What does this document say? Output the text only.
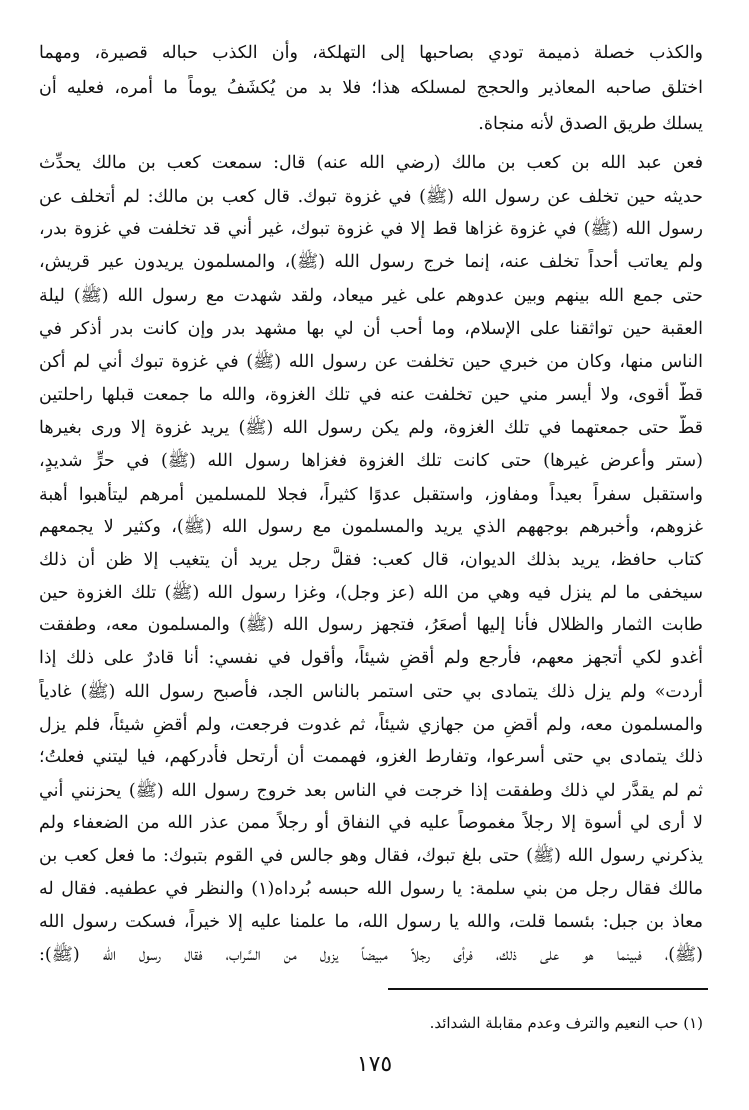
والكذب خصلة ذميمة تودي بصاحبها إلى التهلكة، وأن الكذب حباله قصيرة، ومهما
اختلق صاحبه المعاذير والحجج لمسلكه هذا؛ فلا بد من يُكشَفُ يوماً ما أمره، فعليه أن
يسلك طريق الصدق لأنه منجاة.
فعن عبد الله بن كعب بن مالك (رضي الله عنه) قال: سمعت كعب بن مالك يحدِّث
حديثه حين تخلف عن رسول الله (ﷺ) في غزوة تبوك. قال كعب بن مالك: لم أتخلف عن
رسول الله (ﷺ) في غزوة غزاها قط إلا في غزوة تبوك، غير أني قد تخلفت في غزوة بدر،
ولم يعاتب أحداً تخلف عنه، إنما خرج رسول الله (ﷺ)، والمسلمون يريدون عير قريش،
حتى جمع الله بينهم وبين عدوهم على غير ميعاد، ولقد شهدت مع رسول الله (ﷺ) ليلة
العقبة حين تواثقنا على الإسلام، وما أحب أن لي بها مشهد بدر وإن كانت بدر أذكر في
الناس منها، وكان من خبري حين تخلفت عن رسول الله (ﷺ) في غزوة تبوك أني لم أكن
قطُّ أقوى، ولا أيسر مني حين تخلفت عنه في تلك الغزوة، والله ما جمعت قبلها راحلتين
قطُّ حتى جمعتهما في تلك الغزوة، ولم يكن رسول الله (ﷺ) يريد غزوة إلا ورى بغيرها
(ستر وأعرض غيرها) حتى كانت تلك الغزوة فغزاها رسول الله (ﷺ) في حرٍّ شديدٍ،
واستقبل سفراً بعيداً ومفاوز، واستقبل عدوًا كثيراً، فجلا للمسلمين أمرهم ليتأهبوا أهبة
غزوهم، وأخبرهم بوجههم الذي يريد والمسلمون مع رسول الله (ﷺ)، وكثير لا يجمعهم
كتاب حافظ، يريد بذلك الديوان، قال كعب: فقلَّ رجل يريد أن يتغيب إلا ظن أن ذلك
سيخفى ما لم ينزل فيه وهي من الله (عز وجل)، وغزا رسول الله (ﷺ) تلك الغزوة حين
طابت الثمار والظلال فأنا إليها أصعَرُ، فتجهز رسول الله (ﷺ) والمسلمون معه، وطفقت
أغدو لكي أتجهز معهم، فأرجع ولم أقضِ شيئاً، وأقول في نفسي: أنا قادرٌ على ذلك إذا
أردت» ولم يزل ذلك يتمادى بي حتى استمر بالناس الجد، فأصبح رسول الله (ﷺ) غادياً
والمسلمون معه، ولم أقضِ من جهازي شيئاً، ثم غدوت فرجعت، ولم أقضِ شيئاً، فلم يزل
ذلك يتمادى بي حتى أسرعوا، وتفارط الغزو، فهممت أن أرتحل فأدركهم، فيا ليتني فعلتُ؛
ثم لم يقدَّر لي ذلك وطفقت إذا خرجت في الناس بعد خروج رسول الله (ﷺ) يحزنني أني
لا أرى لي أسوة إلا رجلاً مغموصاً عليه في النفاق أو رجلاً ممن عذر الله من الضعفاء ولم
يذكرني رسول الله (ﷺ) حتى بلغ تبوك، فقال وهو جالس في القوم بتبوك: ما فعل كعب بن
مالك فقال رجل من بني سلمة: يا رسول الله حبسه بُرداه(١) والنظر في عطفيه. فقال له
معاذ بن جبل: بئسما قلت، والله يا رسول الله، ما علمنا عليه إلا خيراً، فسكت رسول الله
(ﷺ)، فبينما هو على ذلك، فرأى رجلاً مبيضاً يزول من السَّراب، فقال رسول الله (ﷺ):
(١) حب النعيم والترف وعدم مقابلة الشدائد.
١٧٥
